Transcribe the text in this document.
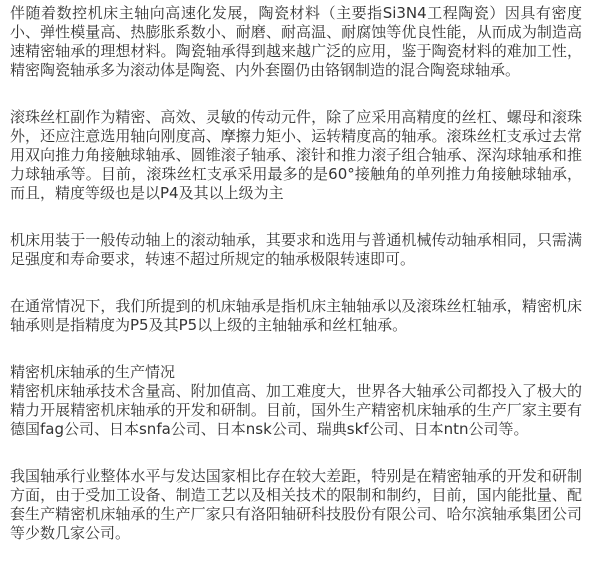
伴随着数控机床主轴向高速化发展，陶瓷材料（主要指Si3N4工程陶瓷）因具有密度小、弹性模量高、热膨胀系数小、耐磨、耐高温、耐腐蚀等优良性能，从而成为制造高速精密轴承的理想材料。陶瓷轴承得到越来越广泛的应用，鉴于陶瓷材料的难加工性，精密陶瓷轴承多为滚动体是陶瓷、内外套圈仍由铬钢制造的混合陶瓷球轴承。

滚珠丝杠副作为精密、高效、灵敏的传动元件，除了应采用高精度的丝杠、螺母和滚珠外，还应注意选用轴向刚度高、摩擦力矩小、运转精度高的轴承。滚珠丝杠支承过去常用双向推力角接触球轴承、圆锥滚子轴承、滚针和推力滚子组合轴承、深沟球轴承和推力球轴承等。目前，滚珠丝杠支承采用最多的是60°接触角的单列推力角接触球轴承，而且，精度等级也是以P4及其以上级为主

机床用装于一般传动轴上的滚动轴承，其要求和选用与普通机械传动轴承相同，只需满足强度和寿命要求，转速不超过所规定的轴承极限转速即可。

在通常情况下，我们所提到的机床轴承是指机床主轴轴承以及滚珠丝杠轴承，精密机床轴承则是指精度为P5及其P5以上级的主轴轴承和丝杠轴承。

精密机床轴承的生产情况

精密机床轴承技术含量高、附加值高、加工难度大，世界各大轴承公司都投入了极大的精力开展精密机床轴承的开发和研制。目前，国外生产精密机床轴承的生产厂家主要有德国fag公司、日本snfa公司、日本nsk公司、瑞典skf公司、日本ntn公司等。

我国轴承行业整体水平与发达国家相比存在较大差距，特别是在精密轴承的开发和研制方面，由于受加工设备、制造工艺以及相关技术的限制和制约，目前，国内能批量、配套生产精密机床轴承的生产厂家只有洛阳轴研科技股份有限公司、哈尔滨轴承集团公司等少数几家公司。
